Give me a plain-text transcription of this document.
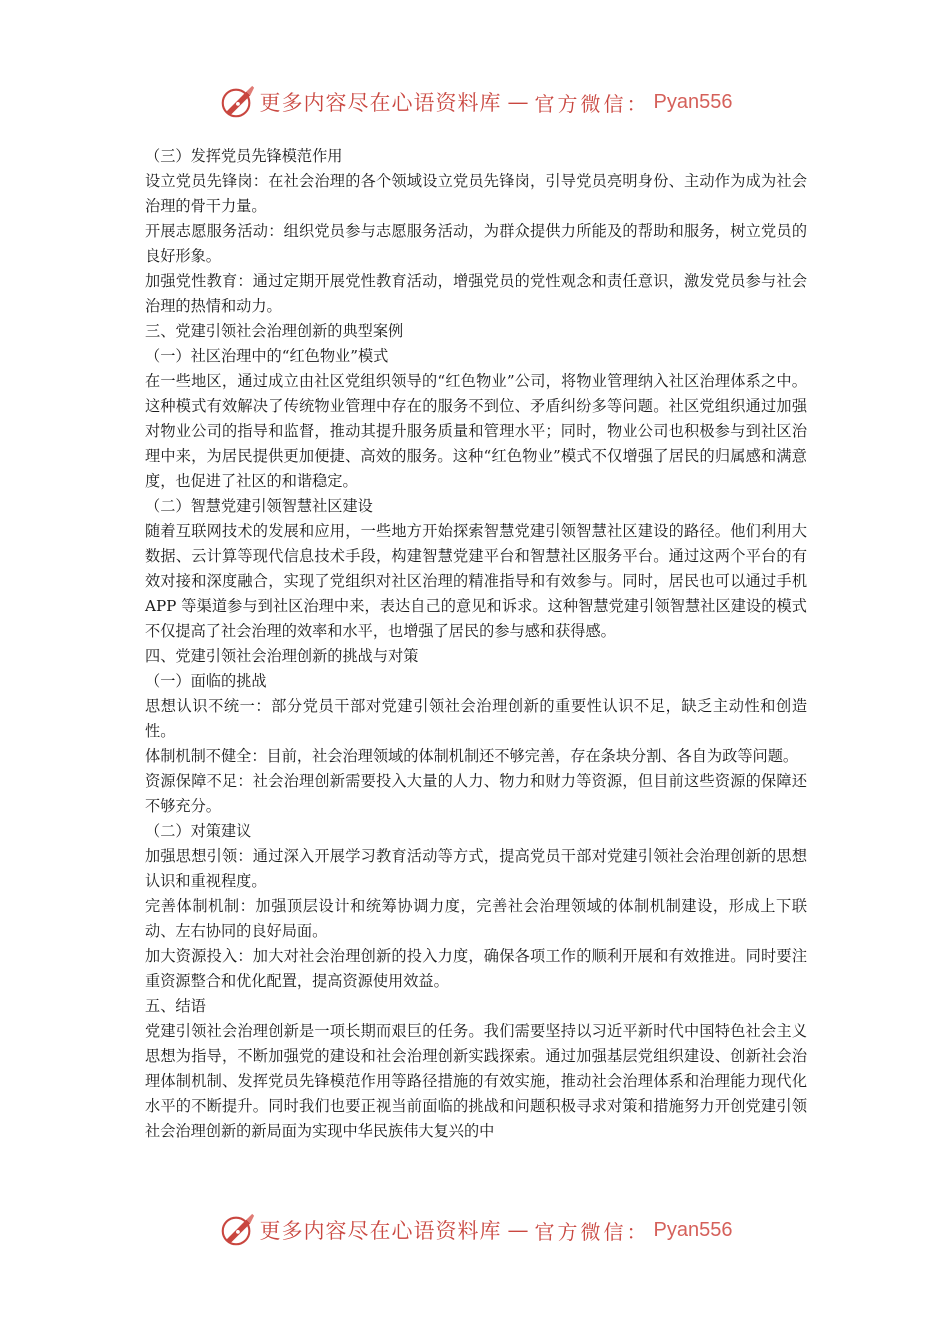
更多内容尽在心语资料库 — 官方微信： Pyan556

（三）发挥党员先锋模范作用

设立党员先锋岗：在社会治理的各个领域设立党员先锋岗，引导党员亮明身份、主动作为成为社会治理的骨干力量。

开展志愿服务活动：组织党员参与志愿服务活动，为群众提供力所能及的帮助和服务，树立党员的良好形象。

加强党性教育：通过定期开展党性教育活动，增强党员的党性观念和责任意识，激发党员参与社会治理的热情和动力。

三、党建引领社会治理创新的典型案例

（一）社区治理中的“红色物业”模式

在一些地区，通过成立由社区党组织领导的“红色物业”公司，将物业管理纳入社区治理体系之中。这种模式有效解决了传统物业管理中存在的服务不到位、矛盾纠纷多等问题。社区党组织通过加强对物业公司的指导和监督，推动其提升服务质量和管理水平；同时，物业公司也积极参与到社区治理中来，为居民提供更加便捷、高效的服务。这种“红色物业”模式不仅增强了居民的归属感和满意度，也促进了社区的和谐稳定。

（二）智慧党建引领智慧社区建设

随着互联网技术的发展和应用，一些地方开始探索智慧党建引领智慧社区建设的路径。他们利用大数据、云计算等现代信息技术手段，构建智慧党建平台和智慧社区服务平台。通过这两个平台的有效对接和深度融合，实现了党组织对社区治理的精准指导和有效参与。同时，居民也可以通过手机 APP 等渠道参与到社区治理中来，表达自己的意见和诉求。这种智慧党建引领智慧社区建设的模式不仅提高了社会治理的效率和水平，也增强了居民的参与感和获得感。

四、党建引领社会治理创新的挑战与对策

（一）面临的挑战

思想认识不统一：部分党员干部对党建引领社会治理创新的重要性认识不足，缺乏主动性和创造性。

体制机制不健全：目前，社会治理领域的体制机制还不够完善，存在条块分割、各自为政等问题。

资源保障不足：社会治理创新需要投入大量的人力、物力和财力等资源，但目前这些资源的保障还不够充分。

（二）对策建议

加强思想引领：通过深入开展学习教育活动等方式，提高党员干部对党建引领社会治理创新的思想认识和重视程度。

完善体制机制：加强顶层设计和统筹协调力度，完善社会治理领域的体制机制建设，形成上下联动、左右协同的良好局面。

加大资源投入：加大对社会治理创新的投入力度，确保各项工作的顺利开展和有效推进。同时要注重资源整合和优化配置，提高资源使用效益。

五、结语

党建引领社会治理创新是一项长期而艰巨的任务。我们需要坚持以习近平新时代中国特色社会主义思想为指导，不断加强党的建设和社会治理创新实践探索。通过加强基层党组织建设、创新社会治理体制机制、发挥党员先锋模范作用等路径措施的有效实施，推动社会治理体系和治理能力现代化水平的不断提升。同时我们也要正视当前面临的挑战和问题积极寻求对策和措施努力开创党建引领社会治理创新的新局面为实现中华民族伟大复兴的中

更多内容尽在心语资料库 — 官方微信： Pyan556
